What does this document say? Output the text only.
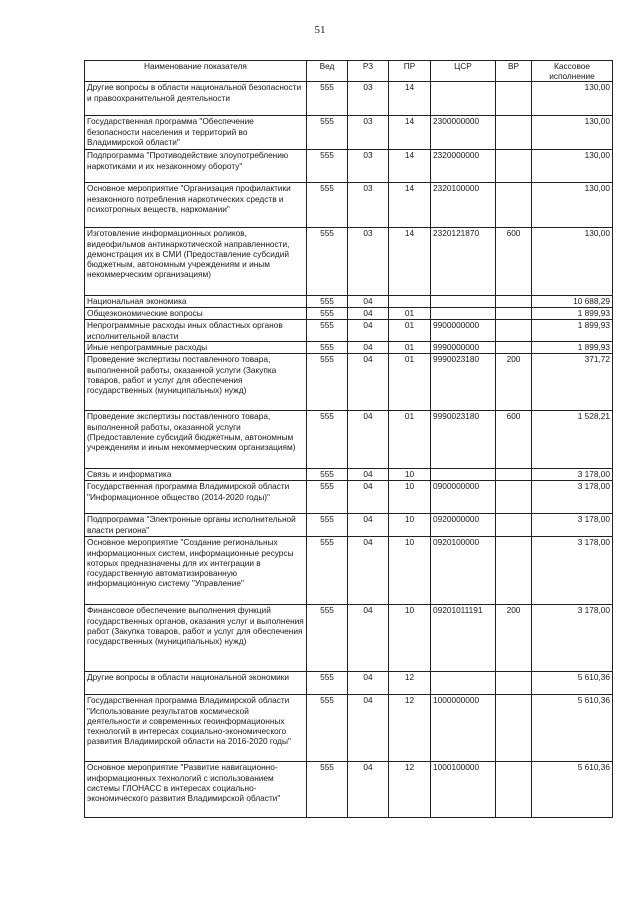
51
Наименование показателя	Вед	РЗ	ПР	ЦСР	ВР	Кассовое исполнение
Другие вопросы в области национальной безопасности и правоохранительной деятельности	555	03	14			130,00
Государственная программа "Обеспечение безопасности населения и территорий во Владимирской области"	555	03	14	2300000000		130,00
Подпрограмма "Противодействие злоупотреблению наркотиками и их незаконному обороту"	555	03	14	2320000000		130,00
Основное мероприятие "Организация профилактики незаконного потребления наркотических средств и психотропных веществ, наркомании"	555	03	14	2320100000		130,00
Изготовление информационных роликов, видеофильмов антинаркотической направленности, демонстрация их в СМИ (Предоставление субсидий бюджетным, автономным учреждениям и иным некоммерческим организациям)	555	03	14	2320121870	600	130,00
Национальная экономика	555	04				10 688,29
Общеэкономические вопросы	555	04	01			1 899,93
Непрограммные расходы иных областных органов исполнительной власти	555	04	01	9900000000		1 899,93
Иные непрограммные расходы	555	04	01	9990000000		1 899,93
Проведение экспертизы поставленного товара, выполненной работы, оказанной услуги (Закупка товаров, работ и услуг для обеспечения государственных (муниципальных) нужд)	555	04	01	9990023180	200	371,72
Проведение экспертизы поставленного товара, выполненной работы, оказанной услуги (Предоставление субсидий бюджетным, автономным учреждениям и иным некоммерческим организациям)	555	04	01	9990023180	600	1 528,21
Связь и информатика	555	04	10			3 178,00
Государственная программа Владимирской области "Информационное общество (2014-2020 годы)"	555	04	10	0900000000		3 178,00
Подпрограмма "Электронные органы исполнительной власти региона"	555	04	10	0920000000		3 178,00
Основное мероприятие "Создание региональных информационных систем, информационные ресурсы которых предназначены для их интеграции в государственную автоматизированную информационную систему "Управление"	555	04	10	0920100000		3 178,00
Финансовое обеспечение выполнения функций государственных органов, оказания услуг и выполнения работ (Закупка товаров, работ и услуг для обеспечения государственных (муниципальных) нужд)	555	04	10	09201011191	200	3 178,00
Другие вопросы в области национальной экономики	555	04	12			5 610,36
Государственная программа Владимирской области "Использование результатов космической деятельности и современных геоинформационных технологий в интересах социально-экономического развития Владимирской области на 2016-2020 годы"	555	04	12	1000000000		5 610,36
Основное мероприятие "Развитие навигационно-информационных технологий с использованием системы ГЛОНАСС в интересах социально-экономического развития Владимирской области"	555	04	12	1000100000		5 610,36
